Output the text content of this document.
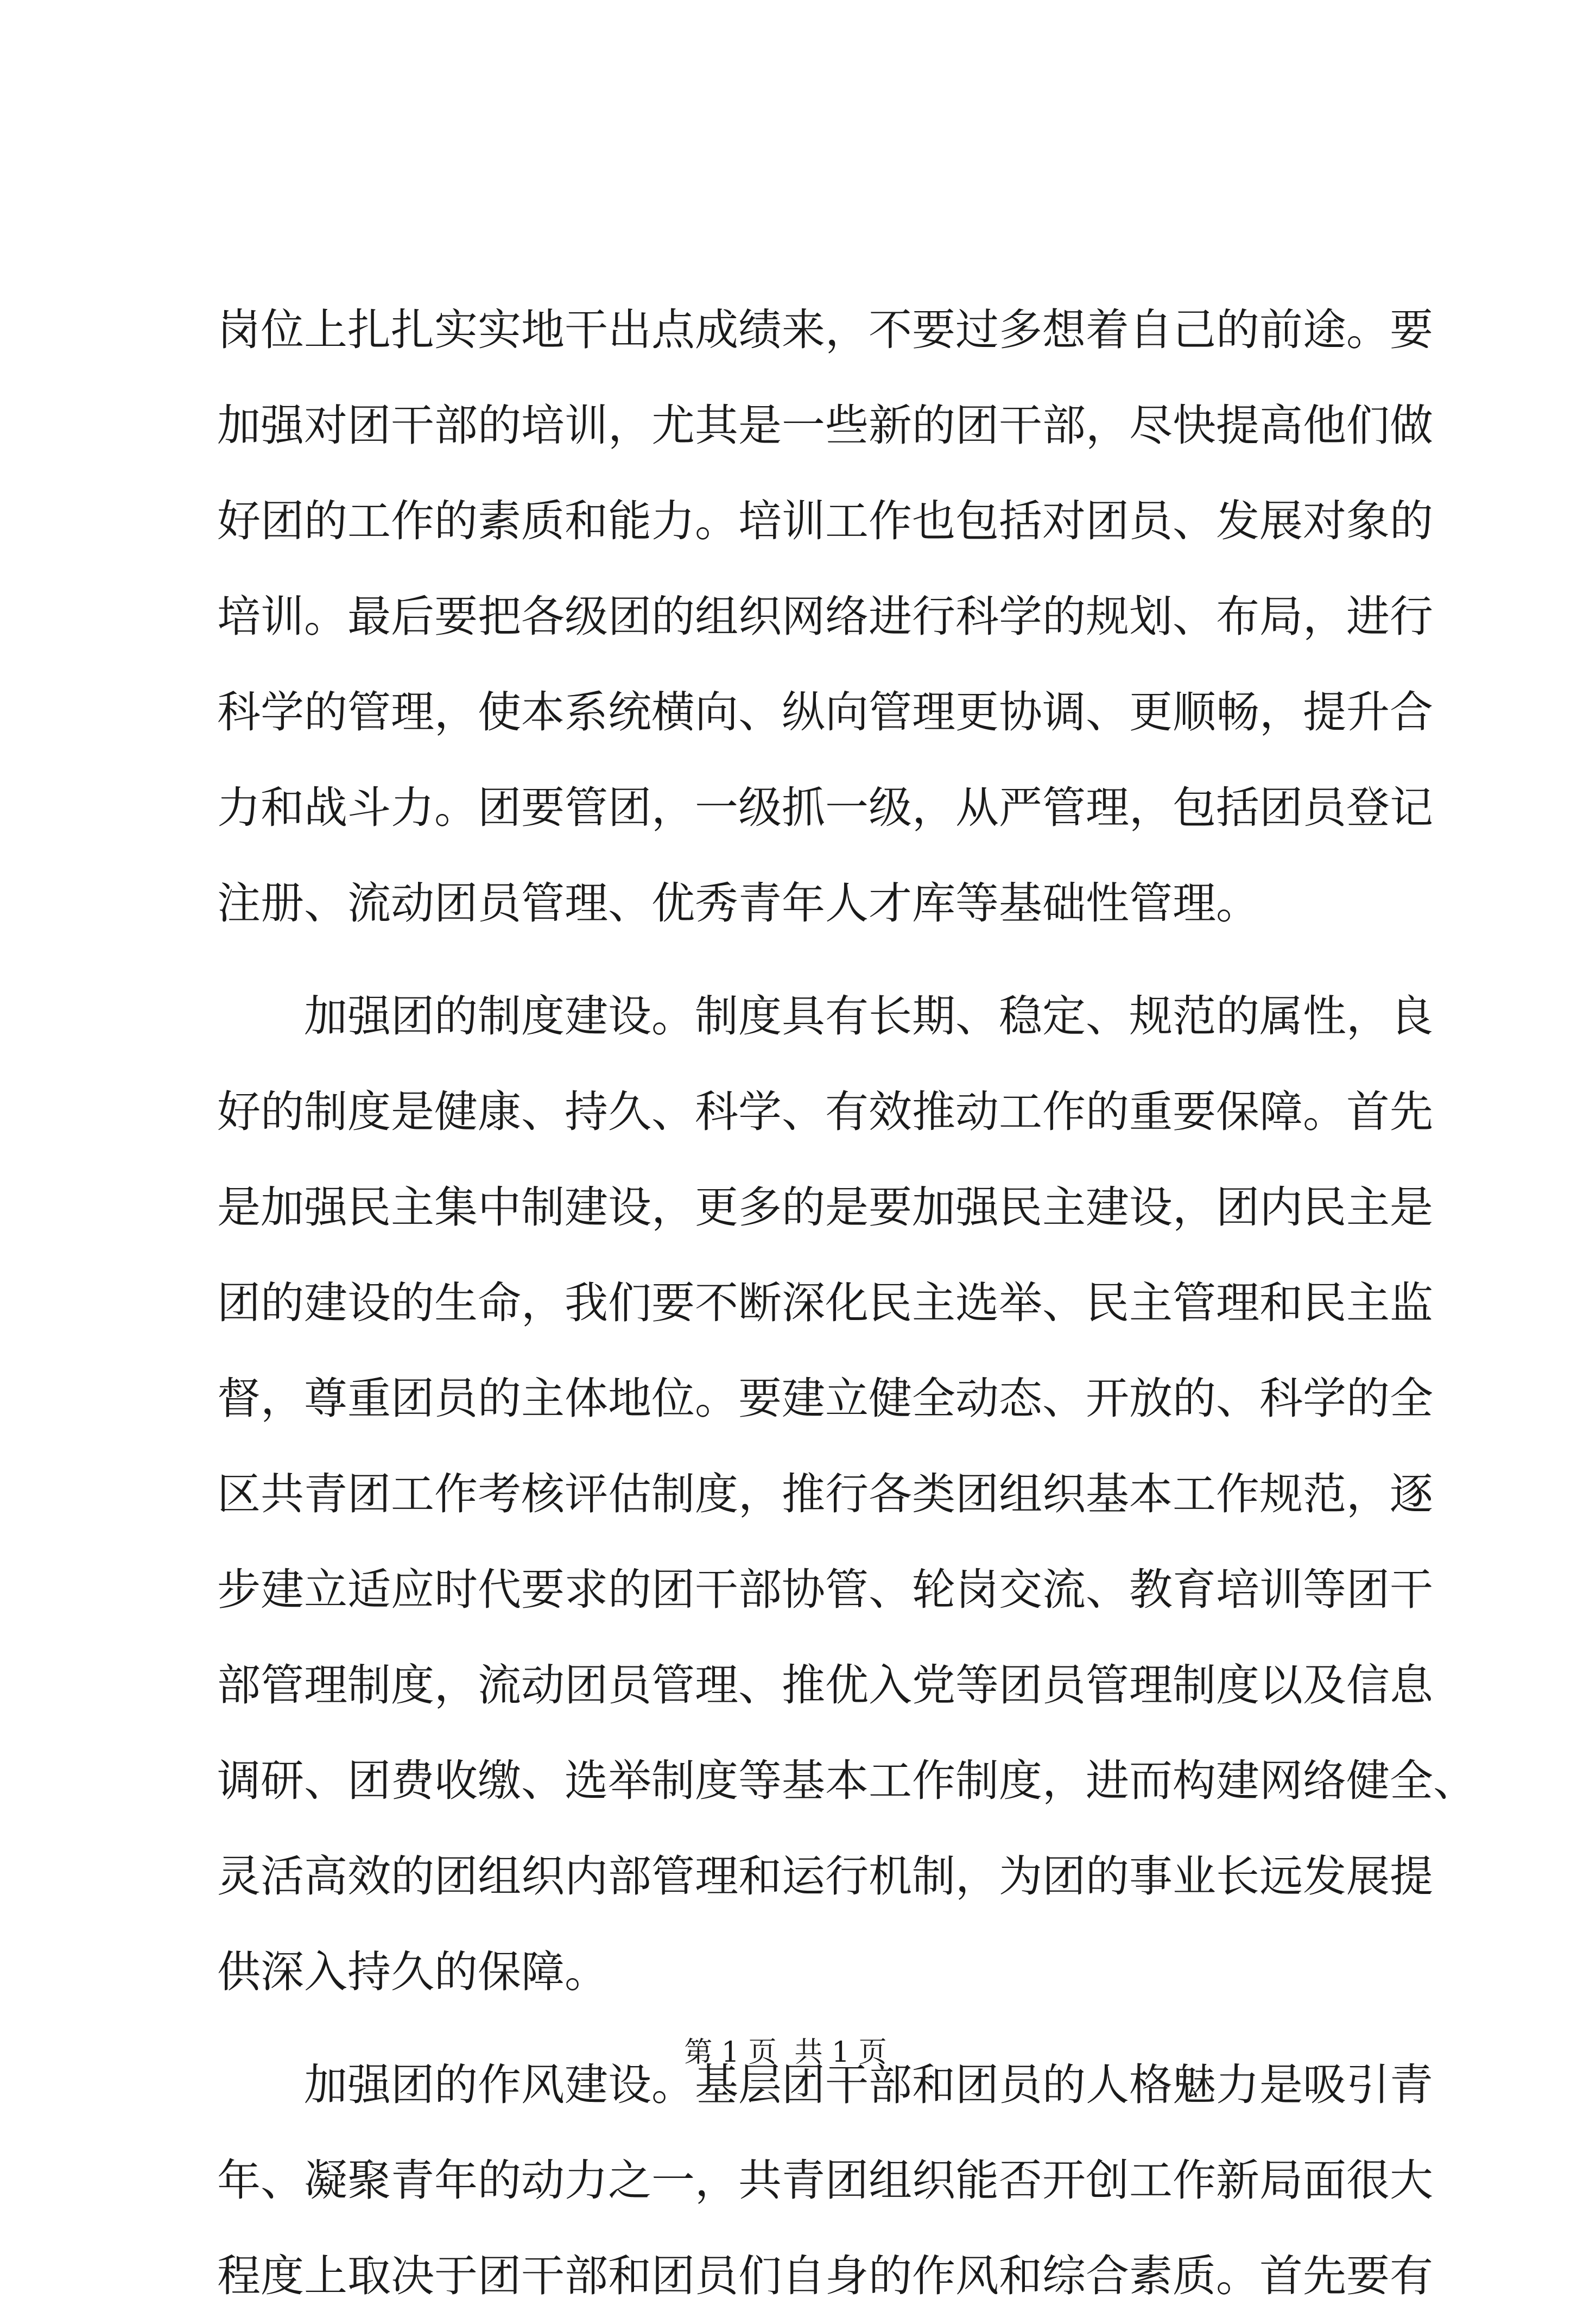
岗位上扎扎实实地干出点成绩来，不要过多想着自己的前途。要
加强对团干部的培训，尤其是一些新的团干部，尽快提高他们做
好团的工作的素质和能力。培训工作也包括对团员、发展对象的
培训。最后要把各级团的组织网络进行科学的规划、布局，进行
科学的管理，使本系统横向、纵向管理更协调、更顺畅，提升合
力和战斗力。团要管团，一级抓一级，从严管理，包括团员登记
注册、流动团员管理、优秀青年人才库等基础性管理。
加强团的制度建设。制度具有长期、稳定、规范的属性，良
好的制度是健康、持久、科学、有效推动工作的重要保障。首先
是加强民主集中制建设，更多的是要加强民主建设，团内民主是
团的建设的生命，我们要不断深化民主选举、民主管理和民主监
督，尊重团员的主体地位。要建立健全动态、开放的、科学的全
区共青团工作考核评估制度，推行各类团组织基本工作规范，逐
步建立适应时代要求的团干部协管、轮岗交流、教育培训等团干
部管理制度，流动团员管理、推优入党等团员管理制度以及信息
调研、团费收缴、选举制度等基本工作制度，进而构建网络健全、
灵活高效的团组织内部管理和运行机制，为团的事业长远发展提
供深入持久的保障。
加强团的作风建设。基层团干部和团员的人格魅力是吸引青
年、凝聚青年的动力之一，共青团组织能否开创工作新局面很大
程度上取决于团干部和团员们自身的作风和综合素质。首先要有
第 1 页  共 1 页
